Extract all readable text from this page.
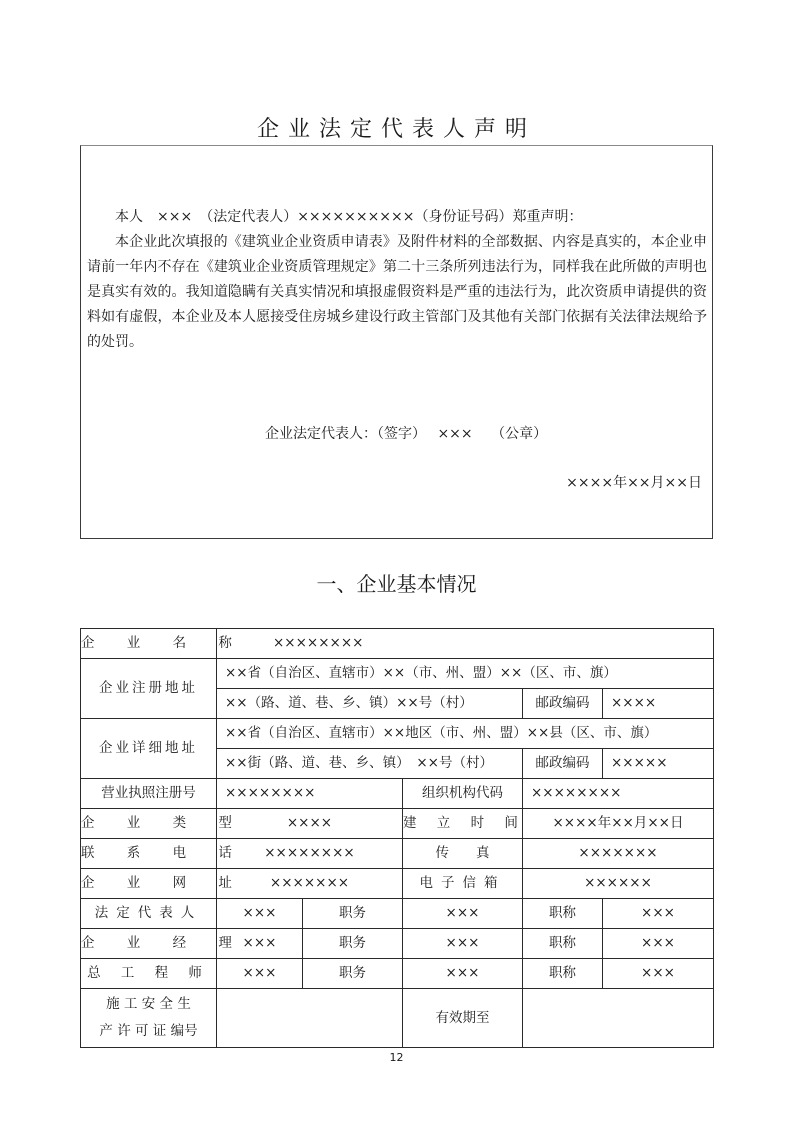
企业法定代表人声明

本人　×××　（法定代表人）××××××××××（身份证号码）郑重声明：

本企业此次填报的《建筑业企业资质申请表》及附件材料的全部数据、内容是真实的，本企业申请前一年内不存在《建筑业企业资质管理规定》第二十三条所列违法行为，同样我在此所做的声明也是真实有效的。我知道隐瞒有关真实情况和填报虚假资料是严重的违法行为，此次资质申请提供的资料如有虚假，本企业及本人愿接受住房城乡建设行政主管部门及其他有关部门依据有关法律法规给予的处罚。

企业法定代表人：（签字）　 ×××　 （公章）
××××年××月××日
一、企业基本情况
企 业 名 称	××××××××				
企业注册地址	××省（自治区、直辖市）××（市、州、盟）××（区、市、旗）				
	××（路、道、巷、乡、镇）××号（村）			邮政编码	××××
企业详细地址	××省（自治区、直辖市）××地区（市、州、盟）××县（区、市、旗）				
	××街（路、道、巷、乡、镇）　××号（村）			邮政编码	×××××
营业执照注册号	××××××××		组织机构代码	××××××××	
企 业 类 型	××××		建 立 时 间	××××年××月××日	
联 系 电 话	××××××××		传　　真	×××××××	
企 业 网 址	×××××××		电子信箱	××××××	
法定代表人	×××	职务	×××	职称	×××
企 业 经 理	×××	职务	×××	职称	×××
总 工 程 师	×××	职务	×××	职称	×××

施 工 安 全 生
产 许 可 证 编号			有效期至		
12
